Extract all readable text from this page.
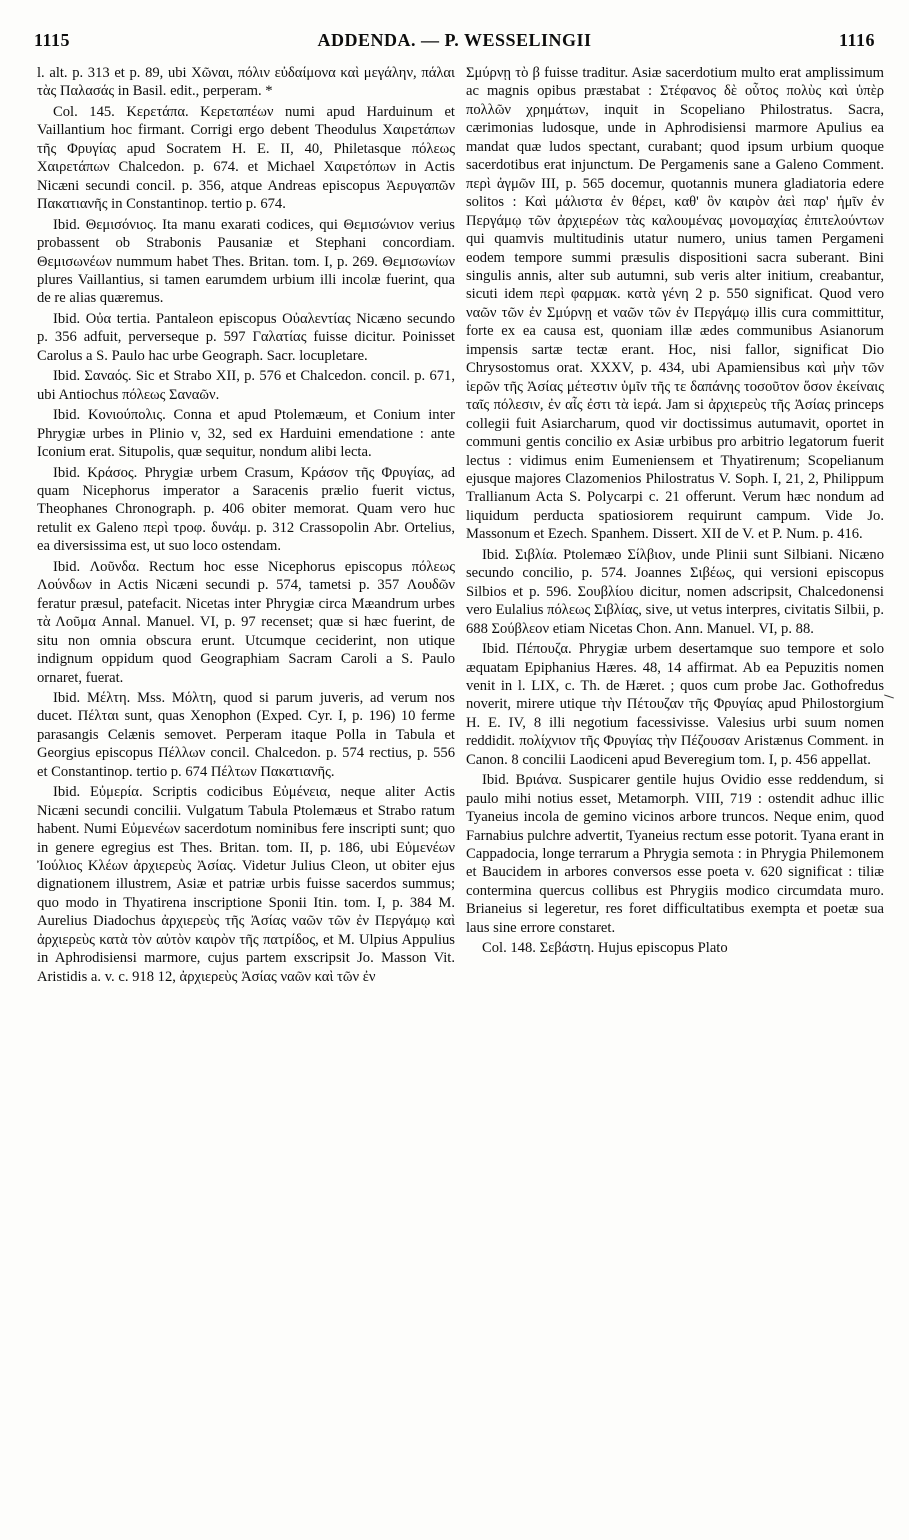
1115	ADDENDA. — P. WESSELINGII	1116

l. alt. p. 313 et p. 89, ubi Χῶναι, πόλιν εὐδαίμονα καὶ μεγάλην, πάλαι τὰς Παλασάς in Basil. edit., perperam. *

Col. 145. Κερετάπα. Κερεταπέων numi apud Harduinum et Vaillantium hoc firmant. Corrigi ergo debent Theodulus Χαιρετάπων τῆς Φρυγίας apud Socratem H. E. II, 40, Philetasque πόλεως Χαιρετάπων Chalcedon. p. 674. et Michael Χαιρετόπων in Actis Nicæni secundi concil. p. 356, atque Andreas episcopus Ἀερυγαπῶν Πακατιανῆς in Constantinop. tertio p. 674.

Ibid. Θεμισόνιος. Ita manu exarati codices, qui Θεμισώνιον verius probassent ob Strabonis Pausaniæ et Stephani concordiam. Θεμισωνέων nummum habet Thes. Britan. tom. I, p. 269. Θεμισωνίων plures Vaillantius, si tamen earumdem urbium illi incolæ fuerint, qua de re alias quæremus.

Ibid. Οὐα tertia. Pantaleon episcopus Οὐαλεντίας Nicæno secundo p. 356 adfuit, perverseque p. 597 Γαλατίας fuisse dicitur. Poinisset Carolus a S. Paulo hac urbe Geograph. Sacr. locupletare.

Ibid. Σαναός. Sic et Strabo XII, p. 576 et Chalcedon. concil. p. 671, ubi Antiochus πόλεως Σαναῶν.

Ibid. Κονιούπολις. Conna et apud Ptolemæum, et Conium inter Phrygiæ urbes in Plinio v, 32, sed ex Harduini emendatione : ante Iconium erat. Situpolis, quæ sequitur, nondum alibi lecta.

Ibid. Κράσος. Phrygiæ urbem Crasum, Κράσον τῆς Φρυγίας, ad quam Nicephorus imperator a Saracenis prælio fuerit victus, Theophanes Chronograph. p. 406 obiter memorat. Quam vero huc retulit ex Galeno περὶ τροφ. δυνάμ. p. 312 Crassopolin Abr. Ortelius, ea diversissima est, ut suo loco ostendam.

Ibid. Λοῦνδα. Rectum hoc esse Nicephorus episcopus πόλεως Λούνδων in Actis Nicæni secundi p. 574, tametsi p. 357 Λουδῶν feratur præsul, patefacit. Nicetas inter Phrygiæ circa Mæandrum urbes τὰ Λοῦμα Annal. Manuel. VI, p. 97 recenset; quæ si hæc fuerint, de situ non omnia obscura erunt. Utcumque ceciderint, non utique indignum oppidum quod Geographiam Sacram Caroli a S. Paulo ornaret, fuerat.

Ibid. Μέλτη. Mss. Μόλτη, quod si parum juveris, ad verum nos ducet. Πέλται sunt, quas Xenophon (Exped. Cyr. I, p. 196) 10 ferme parasangis Celænis semovet. Perperam itaque Polla in Tabula et Georgius episcopus Πέλλων concil. Chalcedon. p. 574 rectius, p. 556 et Constantinop. tertio p. 674 Πέλτων Πακατιανῆς.

Ibid. Εὐμερία. Scriptis codicibus Εὐμένεια, neque aliter Actis Nicæni secundi concilii. Vulgatum Tabula Ptolemæus et Strabo ratum habent. Numi Εὐμενέων sacerdotum nominibus fere inscripti sunt; quo in genere egregius est Thes. Britan. tom. II, p. 186, ubi Εὐμενέων Ἰούλιος Κλέων ἀρχιερεὺς Ἀσίας. Videtur Julius Cleon, ut obiter ejus dignationem illustrem, Asiæ et patriæ urbis fuisse sacerdos summus; quo modo in Thyatirena inscriptione Sponii Itin. tom. I, p. 384 M. Aurelius Diadochus ἀρχιερεὺς τῆς Ἀσίας ναῶν τῶν ἐν Περγάμῳ καὶ ἀρχιερεὺς κατὰ τὸν αὐτὸν καιρὸν τῆς πατρίδος, et M. Ulpius Appulius in Aphrodisiensi marmore, cujus partem exscripsit Jo. Masson Vit. Aristidis a. v. c. 918 12, ἀρχιερεὺς Ἀσίας ναῶν καὶ τῶν ἐν

Σμύρνῃ τὸ β fuisse traditur. Asiæ sacerdotium multo erat amplissimum ac magnis opibus præstabat : Στέφανος δὲ οὗτος πολὺς καὶ ὑπὲρ πολλῶν χρημάτων, inquit in Scopeliano Philostratus. Sacra, cærimonias ludosque, unde in Aphrodisiensi marmore Apulius ea mandat quæ ludos spectant, curabant; quod ipsum urbium quoque sacerdotibus erat injunctum. De Pergamenis sane a Galeno Comment. περὶ ἀγμῶν III, p. 565 docemur, quotannis munera gladiatoria edere solitos : Καὶ μάλιστα ἐν θέρει, καθ' ὃν καιρὸν ἀεὶ παρ' ἡμῖν ἐν Περγάμῳ τῶν ἀρχιερέων τὰς καλουμένας μονομαχίας ἐπιτελούντων qui quamvis multitudinis utatur numero, unius tamen Pergameni eodem tempore summi præsulis dispositioni sacra suberant. Bini singulis annis, alter sub autumni, sub veris alter initium, creabantur, sicuti idem περὶ φαρμακ. κατὰ γένη 2 p. 550 significat. Quod vero ναῶν τῶν ἐν Σμύρνῃ et ναῶν τῶν ἐν Περγάμῳ illis cura committitur, forte ex ea causa est, quoniam illæ ædes communibus Asianorum impensis sartæ tectæ erant. Hoc, nisi fallor, significat Dio Chrysostomus orat. XXXV, p. 434, ubi Apamiensibus καὶ μὴν τῶν ἱερῶν τῆς Ἀσίας μέτεστιν ὑμῖν τῆς τε δαπάνης τοσοῦτον ὅσον ἐκείναις ταῖς πόλεσιν, ἐν αἷς ἐστι τὰ ἱερά. Jam si ἀρχιερεὺς τῆς Ἀσίας princeps collegii fuit Asiarcharum, quod vir doctissimus autumavit, oportet in communi gentis concilio ex Asiæ urbibus pro arbitrio legatorum fuerit lectus : vidimus enim Eumeniensem et Thyatirenum; Scopelianum ejusque majores Clazomenios Philostratus V. Soph. I, 21, 2, Philippum Trallianum Acta S. Polycarpi c. 21 offerunt. Verum hæc nondum ad liquidum perducta spatiosiorem requirunt campum. Vide Jo. Massonum et Ezech. Spanhem. Dissert. XII de V. et P. Num. p. 416.

Ibid. Σιβλία. Ptolemæo Σίλβιον, unde Plinii sunt Silbiani. Nicæno secundo concilio, p. 574. Joannes Σιβέως, qui versioni episcopus Silbios et p. 596. Σουβλίου dicitur, nomen adscripsit, Chalcedonensi vero Eulalius πόλεως Σιβλίας, sive, ut vetus interpres, civitatis Silbii, p. 688 Σούβλεον etiam Nicetas Chon. Ann. Manuel. VI, p. 88.

Ibid. Πέπουζα. Phrygiæ urbem desertamque suo tempore et solo æquatam Epiphanius Hæres. 48, 14 affirmat. Ab ea Pepuzitis nomen venit in l. LIX, c. Th. de Hæret. ; quos cum probe Jac. Gothofredus noverit, mirere utique τὴν Πέτουζαν τῆς Φρυγίας apud Philostorgium H. E. IV, 8 illi negotium facessivisse. Valesius urbi suum nomen reddidit. πολίχνιον τῆς Φρυγίας τὴν Πέζουσαν Aristænus Comment. in Canon. 8 concilii Laodiceni apud Beveregium tom. I, p. 456 appellat.

Ibid. Βριάνα. Suspicarer gentile hujus Ovidio esse reddendum, si paulo mihi notius esset, Metamorph. VIII, 719 : ostendit adhuc illic Tyaneius incola de gemino vicinos arbore truncos. Neque enim, quod Farnabius pulchre advertit, Tyaneius rectum esse potorit. Tyana erant in Cappadocia, longe terrarum a Phrygia semota : in Phrygia Philemonem et Baucidem in arbores conversos esse poeta v. 620 significat : tiliæ contermina quercus collibus est Phrygiis modico circumdata muro. Brianeius si legeretur, res foret difficultatibus exempta et poetæ sua laus sine errore constaret.

Col. 148. Σεβάστη. Hujus episcopus Plato
